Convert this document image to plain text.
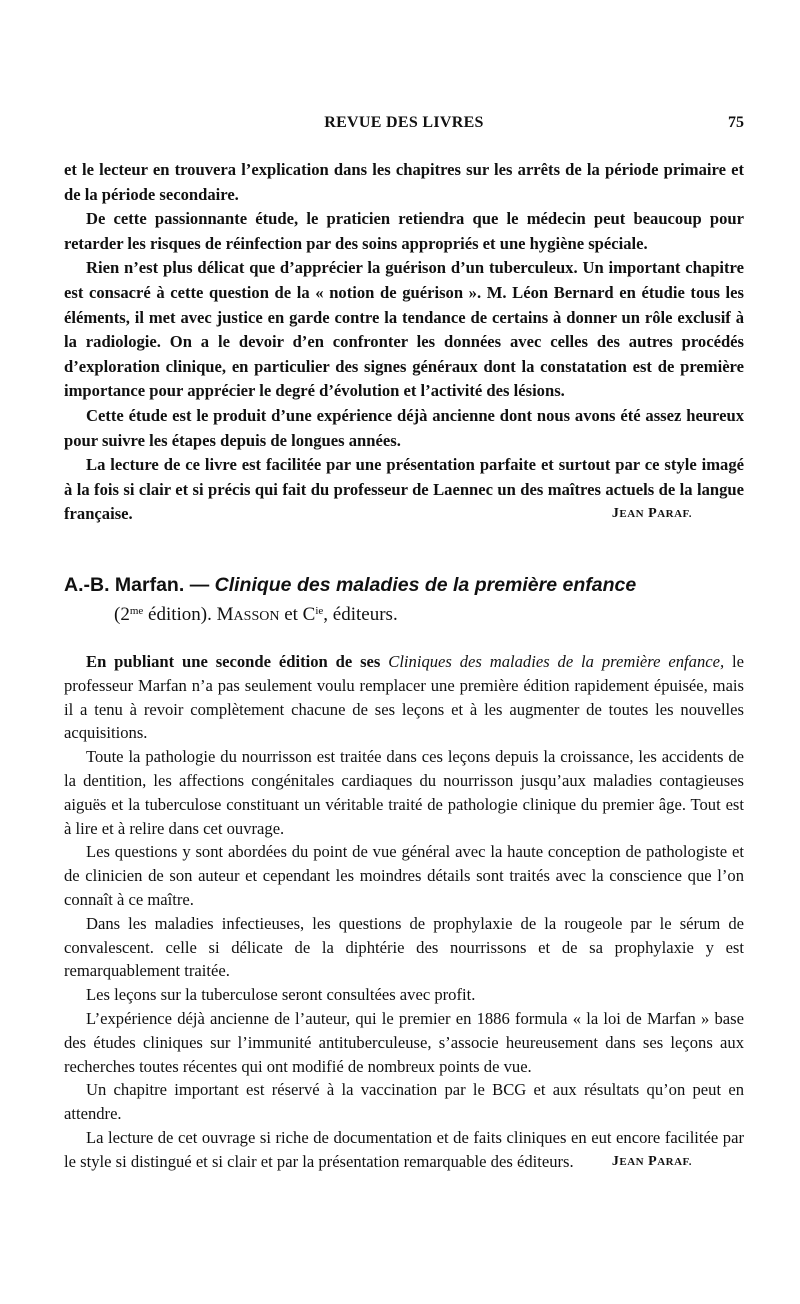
REVUE DES LIVRES	75

et le lecteur en trouvera l’explication dans les chapitres sur les arrêts de la période primaire et de la période secondaire.

De cette passionnante étude, le praticien retiendra que le médecin peut beaucoup pour retarder les risques de réinfection par des soins appropriés et une hygiène spéciale.

Rien n’est plus délicat que d’apprécier la guérison d’un tuberculeux. Un important chapitre est consacré à cette question de la « notion de guérison ». M. Léon Bernard en étudie tous les éléments, il met avec justice en garde contre la tendance de certains à donner un rôle exclusif à la radiologie. On a le devoir d’en confronter les données avec celles des autres procédés d’exploration clinique, en particulier des signes généraux dont la constatation est de première importance pour apprécier le degré d’évolution et l’activité des lésions.

Cette étude est le produit d’une expérience déjà ancienne dont nous avons été assez heureux pour suivre les étapes depuis de longues années.

La lecture de ce livre est facilitée par une présentation parfaite et surtout par ce style imagé à la fois si clair et si précis qui fait du professeur de Laennec un des maîtres actuels de la langue française.	JEAN PARAF.

A.-B. Marfan. — Clinique des maladies de la première enfance
($2^{me}$ édition). MASSON et $C^{ie}$, éditeurs.

En publiant une seconde édition de ses Cliniques des maladies de la première enfance, le professeur Marfan n’a pas seulement voulu remplacer une première édition rapidement épuisée, mais il a tenu à revoir complètement chacune de ses leçons et à les augmenter de toutes les nouvelles acquisitions.

Toute la pathologie du nourrisson est traitée dans ces leçons depuis la croissance, les accidents de la dentition, les affections congénitales cardiaques du nourrisson jusqu’aux maladies contagieuses aiguës et la tuberculose constituant un véritable traité de pathologie clinique du premier âge. Tout est à lire et à relire dans cet ouvrage.

Les questions y sont abordées du point de vue général avec la haute conception de pathologiste et de clinicien de son auteur et cependant les moindres détails sont traités avec la conscience que l’on connaît à ce maître.

Dans les maladies infectieuses, les questions de prophylaxie de la rougeole par le sérum de convalescent. celle si délicate de la diphtérie des nourrissons et de sa prophylaxie y est remarquablement traitée.

Les leçons sur la tuberculose seront consultées avec profit.

L’expérience déjà ancienne de l’auteur, qui le premier en 1886 formula « la loi de Marfan » base des études cliniques sur l’immunité antituberculeuse, s’associe heureusement dans ses leçons aux recherches toutes récentes qui ont modifié de nombreux points de vue.

Un chapitre important est réservé à la vaccination par le BCG et aux résultats qu’on peut en attendre.

La lecture de cet ouvrage si riche de documentation et de faits cliniques en eut encore facilitée par le style si distingué et si clair et par la présentation remarquable des éditeurs.	JEAN PARAF.
